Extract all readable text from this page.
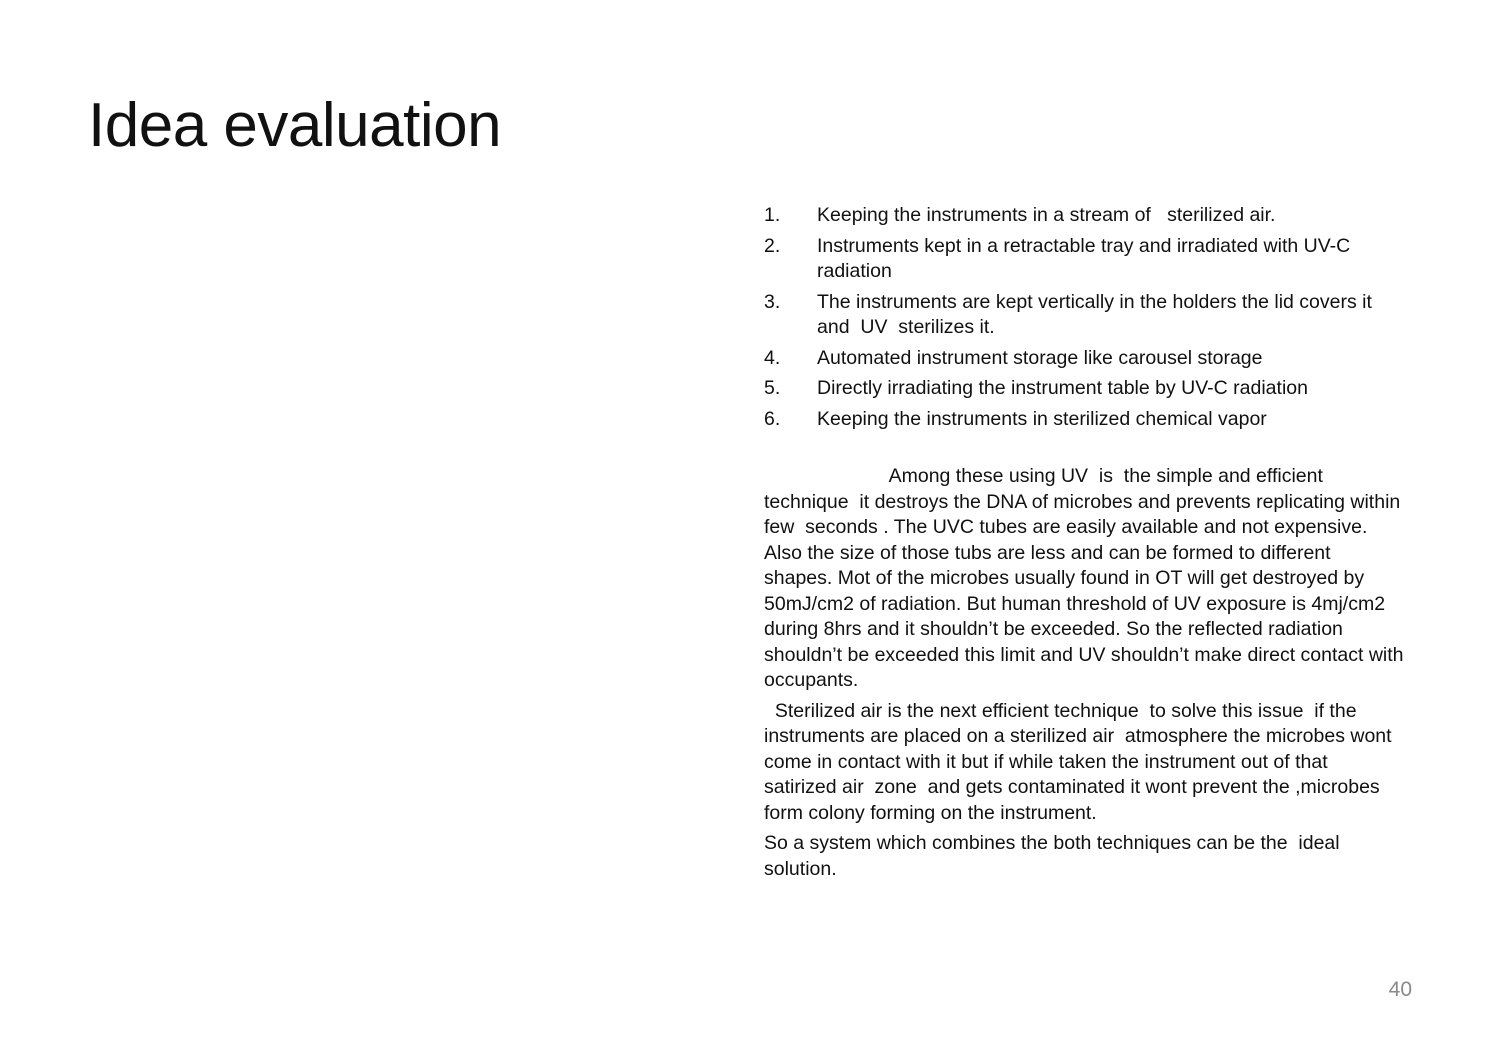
Idea evaluation
1.	Keeping the instruments in a stream of   sterilized air.
2.	Instruments kept in a retractable tray and irradiated with UV-C radiation
3.	The instruments are kept vertically in the holders the lid covers it and  UV  sterilizes it.
4.	Automated instrument storage like carousel storage
5.	Directly irradiating the instrument table by UV-C radiation
6.	Keeping the instruments in sterilized chemical vapor

Among these using UV  is  the simple and efficient technique  it destroys the DNA of microbes and prevents replicating within few  seconds . The UVC tubes are easily available and not expensive. Also the size of those tubs are less and can be formed to different shapes. Mot of the microbes usually found in OT will get destroyed by 50mJ/cm2 of radiation. But human threshold of UV exposure is 4mj/cm2 during 8hrs and it shouldn’t be exceeded. So the reflected radiation  shouldn’t be exceeded this limit and UV shouldn’t make direct contact with occupants.

Sterilized air is the next efficient technique  to solve this issue  if the instruments are placed on a sterilized air  atmosphere the microbes wont come in contact with it but if while taken the instrument out of that satirized air  zone  and gets contaminated it wont prevent the ,microbes form colony forming on the instrument.

So a system which combines the both techniques can be the  ideal solution.

40
